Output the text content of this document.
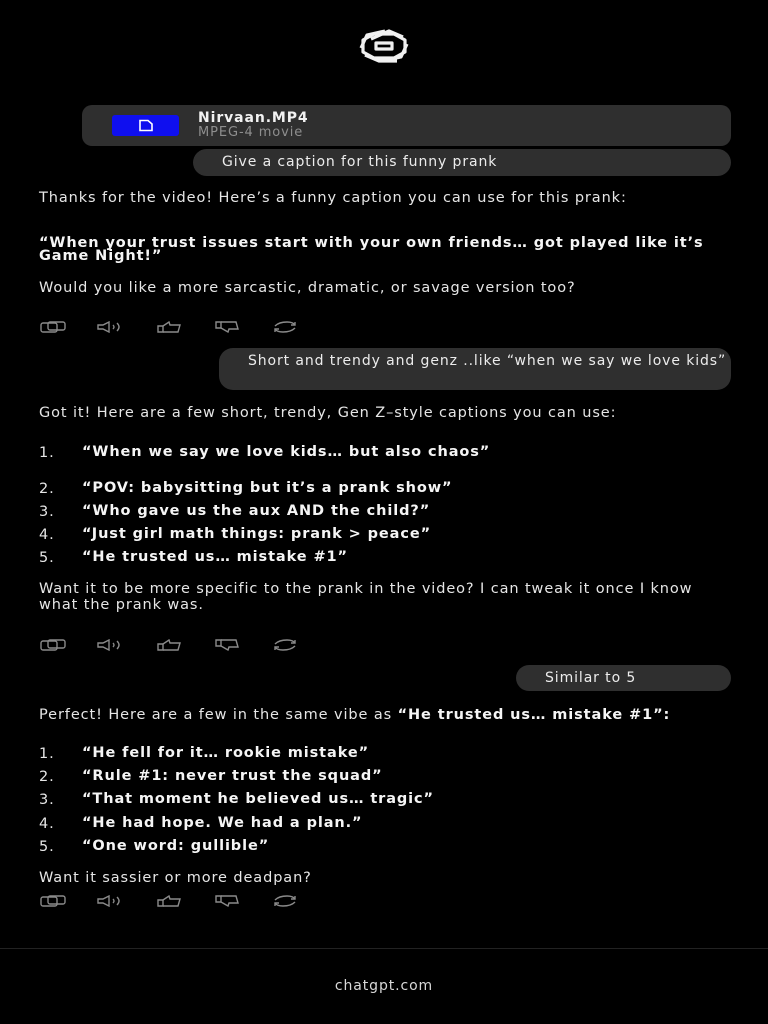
Nirvaan.MP4
MPEG-4 movie
Give a caption for this funny prank
Thanks for the video! Here’s a funny caption you can use for this prank:
“When your trust issues start with your own friends… got played like it’s Game Night!”
Would you like a more sarcastic, dramatic, or savage version too?
Short and trendy and genz ..like “when we say we love kids”
Got it! Here are a few short, trendy, Gen Z–style captions you can use:
1. “When we say we love kids… but also chaos”
2. “POV: babysitting but it’s a prank show”
3. “Who gave us the aux AND the child?”
4. “Just girl math things: prank > peace”
5. “He trusted us… mistake #1”
Want it to be more specific to the prank in the video? I can tweak it once I know what the prank was.
Similar to 5
Perfect! Here are a few in the same vibe as “He trusted us… mistake #1”:
1. “He fell for it… rookie mistake”
2. “Rule #1: never trust the squad”
3. “That moment he believed us… tragic”
4. “He had hope. We had a plan.”
5. “One word: gullible”
Want it sassier or more deadpan?
chatgpt.com
